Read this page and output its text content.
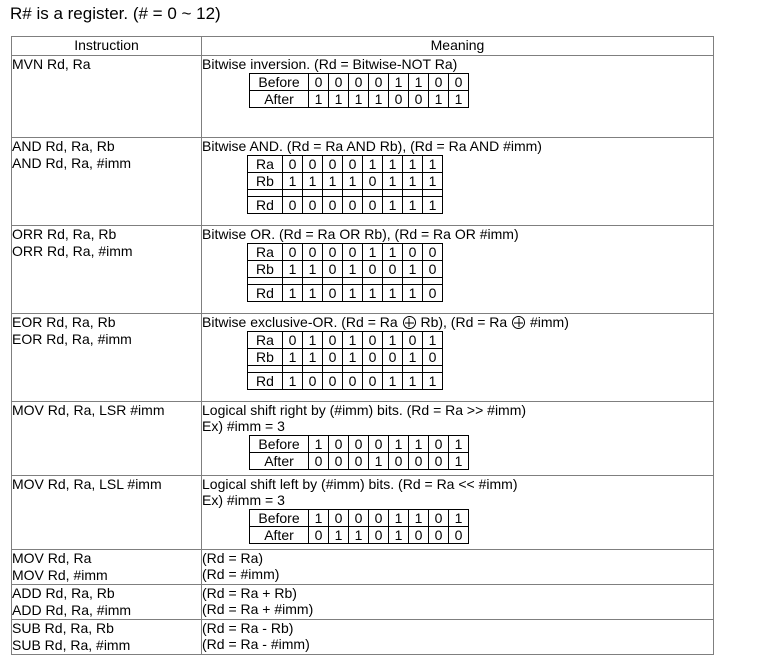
R# is a register. (# = 0 ~ 12)
Instruction	Meaning

MVN Rd, Ra	Bitwise inversion. (Rd = Bitwise-NOT Ra)
Before	0	0	0	0	1	1	0	0
After	1	1	1	1	0	0	1	1

AND Rd, Ra, Rb
AND Rd, Ra, #imm

Bitwise AND. (Rd = Ra AND Rb), (Rd = Ra AND #imm)
Ra	0	0	0	0	1	1	1	1
Rb	1	1	1	1	0	1	1	1

Rd	0	0	0	0	0	1	1	1

ORR Rd, Ra, Rb
ORR Rd, Ra, #imm

Bitwise OR. (Rd = Ra OR Rb), (Rd = Ra OR #imm)
Ra	0	0	0	0	1	1	0	0
Rb	1	1	0	1	0	0	1	0

Rd	1	1	0	1	1	1	1	0

EOR Rd, Ra, Rb
EOR Rd, Ra, #imm

Bitwise exclusive-OR. (Rd = Ra  Rb), (Rd = Ra  #imm)
Ra	0	1	0	1	0	1	0	1
Rb	1	1	0	1	0	0	1	0

Rd	1	0	0	0	0	1	1	1

MOV Rd, Ra, LSR #imm	Logical shift right by (#imm) bits. (Rd = Ra >> #imm)
Ex) #imm = 3
Before	1	0	0	0	1	1	0	1
After	0	0	0	1	0	0	0	1

MOV Rd, Ra, LSL #imm	Logical shift left by (#imm) bits. (Rd = Ra << #imm)
Ex) #imm = 3
Before	1	0	0	0	1	1	0	1
After	0	1	1	0	1	0	0	0

MOV Rd, Ra
MOV Rd, #imm

(Rd = Ra)
(Rd = #imm)

ADD Rd, Ra, Rb
ADD Rd, Ra, #imm

(Rd = Ra + Rb)
(Rd = Ra + #imm)

SUB Rd, Ra, Rb
SUB Rd, Ra, #imm

(Rd = Ra - Rb)
(Rd = Ra - #imm)
